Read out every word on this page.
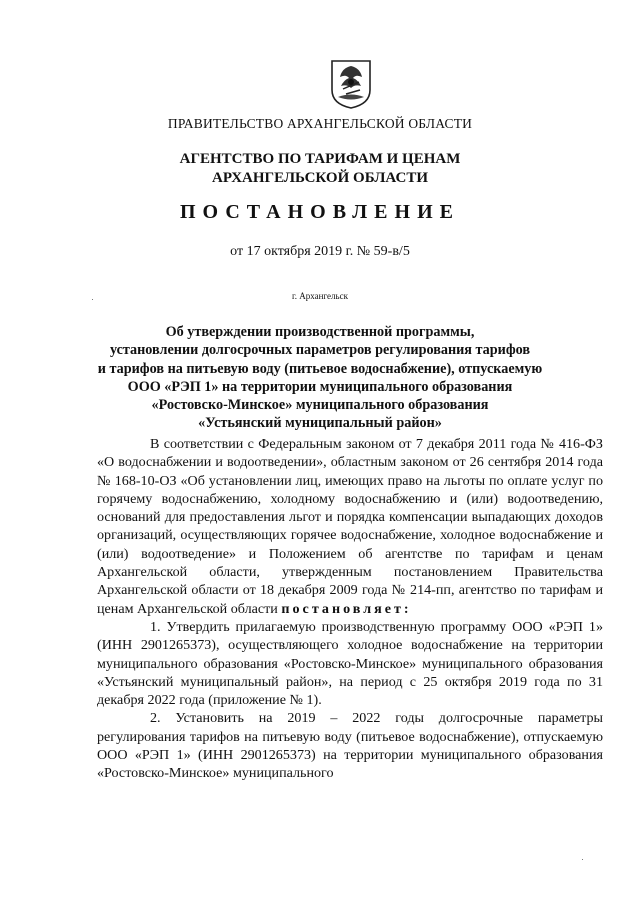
ПРАВИТЕЛЬСТВО АРХАНГЕЛЬСКОЙ ОБЛАСТИ
АГЕНТСТВО ПО ТАРИФАМ И ЦЕНАМ
АРХАНГЕЛЬСКОЙ ОБЛАСТИ
ПОСТАНОВЛЕНИЕ
от 17 октября 2019 г. № 59-в/5
г. Архангельск
Об утверждении производственной программы,
установлении долгосрочных параметров регулирования тарифов
и тарифов на питьевую воду (питьевое водоснабжение), отпускаемую
ООО «РЭП 1» на территории муниципального образования
«Ростовско-Минское» муниципального образования
«Устьянский муниципальный район»

В соответствии с Федеральным законом от 7 декабря 2011 года № 416-ФЗ «О водоснабжении и водоотведении», областным законом от 26 сентября 2014 года № 168-10-ОЗ «Об установлении лиц, имеющих право на льготы по оплате услуг по горячему водоснабжению, холодному водоснабжению и (или) водоотведению, оснований для предоставления льгот и порядка компенсации выпадающих доходов организаций, осуществляющих горячее водоснабжение, холодное водоснабжение и (или) водоотведение» и Положением об агентстве по тарифам и ценам Архангельской области, утвержденным постановлением Правительства Архангельской области от 18 декабря 2009 года № 214-пп, агентство по тарифам и ценам Архангельской области постановляет:

1. Утвердить прилагаемую производственную программу ООО «РЭП 1» (ИНН 2901265373), осуществляющего холодное водоснабжение на территории муниципального образования «Ростовско-Минское» муниципального образования «Устьянский муниципальный район», на период с 25 октября 2019 года по 31 декабря 2022 года (приложение № 1).

2. Установить на 2019 – 2022 годы долгосрочные параметры регулирования тарифов на питьевую воду (питьевое водоснабжение), отпускаемую ООО «РЭП 1» (ИНН 2901265373) на территории муниципального образования «Ростовско-Минское» муниципального
